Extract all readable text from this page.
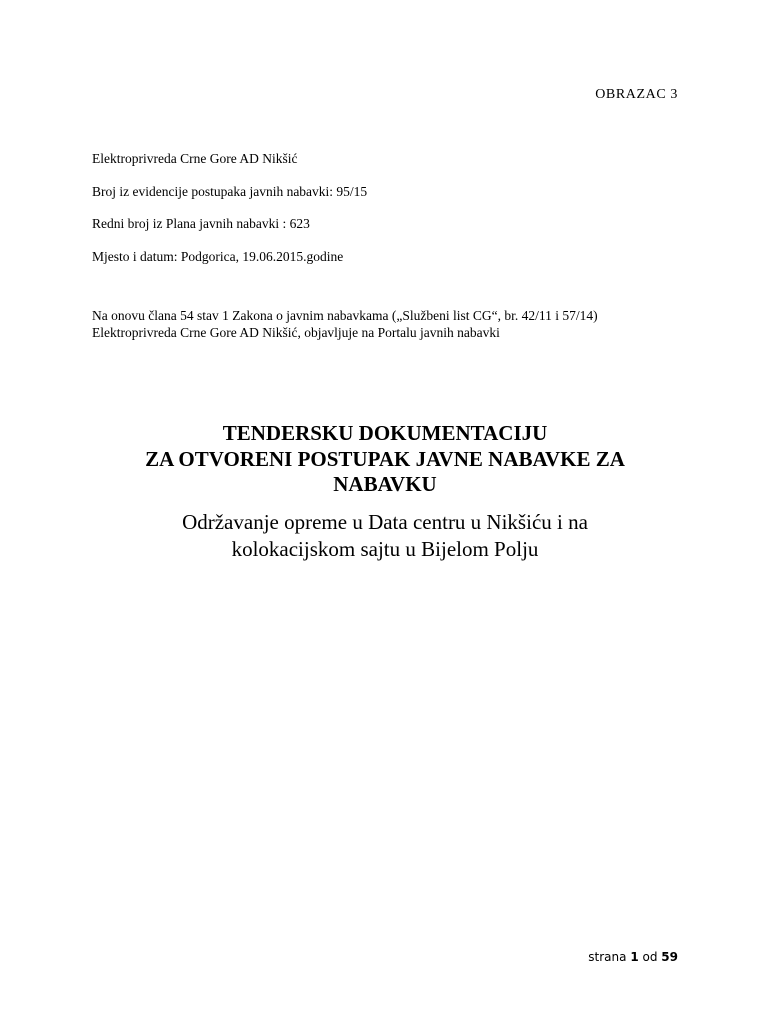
OBRAZAC 3
Elektroprivreda Crne Gore AD Nikšić
Broj iz evidencije postupaka javnih nabavki: 95/15
Redni broj iz Plana javnih nabavki : 623
Mjesto i datum: Podgorica, 19.06.2015.godine
Na onovu člana 54 stav 1 Zakona o javnim nabavkama („Službeni list CG“, br. 42/11 i 57/14)
Elektroprivreda Crne Gore AD Nikšić, objavljuje na Portalu javnih nabavki
TENDERSKU DOKUMENTACIJU
ZA OTVORENI POSTUPAK JAVNE NABAVKE ZA
NABAVKU
Održavanje opreme u Data centru u Nikšiću i na
kolokacijskom sajtu u Bijelom Polju
strana 1 od 59
